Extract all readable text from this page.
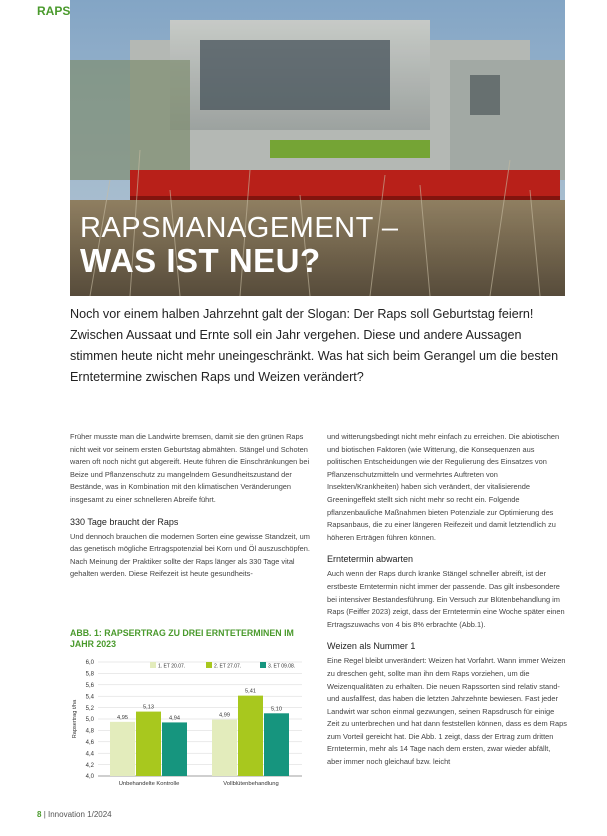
RAPS
RAPSMANAGEMENT –
WAS IST NEU?

Noch vor einem halben Jahrzehnt galt der Slogan: Der Raps soll Geburtstag feiern! Zwischen Aussaat und Ernte soll ein Jahr vergehen. Diese und andere Aussagen stimmen heute nicht mehr uneingeschränkt. Was hat sich beim Gerangel um die besten Erntetermine zwischen Raps und Weizen verändert?

Früher musste man die Landwirte bremsen, damit sie den grünen Raps nicht weit vor seinem ersten Geburtstag abmähten. Stängel und Schoten waren oft noch nicht gut abgereift. Heute führen die Einschränkungen bei Beize und Pflanzenschutz zu mangelndem Gesundheitszustand der Bestände, was in Kombination mit den klimatischen Veränderungen insgesamt zu einer schnelleren Abreife führt.

330 Tage braucht der Raps

Und dennoch brauchen die modernen Sorten eine gewisse Standzeit, um das genetisch mögliche Ertragspotenzial bei Korn und Öl auszuschöpfen. Nach Meinung der Praktiker sollte der Raps länger als 330 Tage vital gehalten werden. Diese Reifezeit ist heute gesundheits-

und witterungsbedingt nicht mehr einfach zu erreichen. Die abiotischen und biotischen Faktoren (wie Witterung, die Konsequenzen aus politischen Entscheidungen wie der Regulierung des Einsatzes von Pflanzenschutzmitteln und vermehrtes Auftreten von Insekten/Krankheiten) haben sich verändert, der vitalisierende Greeningeffekt stellt sich nicht mehr so recht ein. Folgende pflanzenbauliche Maßnahmen bieten Potenziale zur Optimierung des Rapsanbaus, die zu einer längeren Reifezeit und damit letztendlich zu höheren Erträgen führen können.

Erntetermin abwarten

Auch wenn der Raps durch kranke Stängel schneller abreift, ist der erstbeste Erntetermin nicht immer der passende. Das gilt insbesondere bei intensiver Bestandesführung. Ein Versuch zur Blütenbehandlung im Raps (Feiffer 2023) zeigt, dass der Erntetermin eine Woche später einen Ertragszuwachs von 4 bis 8% erbrachte (Abb.1).

Weizen als Nummer 1

Eine Regel bleibt unverändert: Weizen hat Vorfahrt. Wann immer Weizen zu dreschen geht, sollte man ihn dem Raps vorziehen, um die Weizenqualitäten zu erhalten. Die neuen Rapssorten sind relativ stand- und ausfallfest, das haben die letzten Jahrzehnte bewiesen. Fast jeder Landwirt war schon einmal gezwungen, seinen Rapsdrusch für einige Zeit zu unterbrechen und hat dann feststellen können, dass es dem Raps zum Vorteil gereicht hat. Die Abb. 1 zeigt, dass der Ertrag zum dritten Erntetermin, mehr als 14 Tage nach dem ersten, zwar wieder abfällt, aber immer noch gleichauf bzw. leicht

ABB. 1: RAPSERTRAG ZU DREI ERNTETERMINEN IM JAHR 2023
4,0
4,2
4,4
4,6
4,8
5,0
5,2
5,4
5,6
5,8
6,0
Rapsertrag t/ha
1. ET 20.07.	2. ET 27.07.	3. ET 09.08.
4,95
5,13
4,94
Unbehandelte Kontrolle
4,99
5,41
5,10
Vollblütenbehandlung
8 | Innovation 1/2024
